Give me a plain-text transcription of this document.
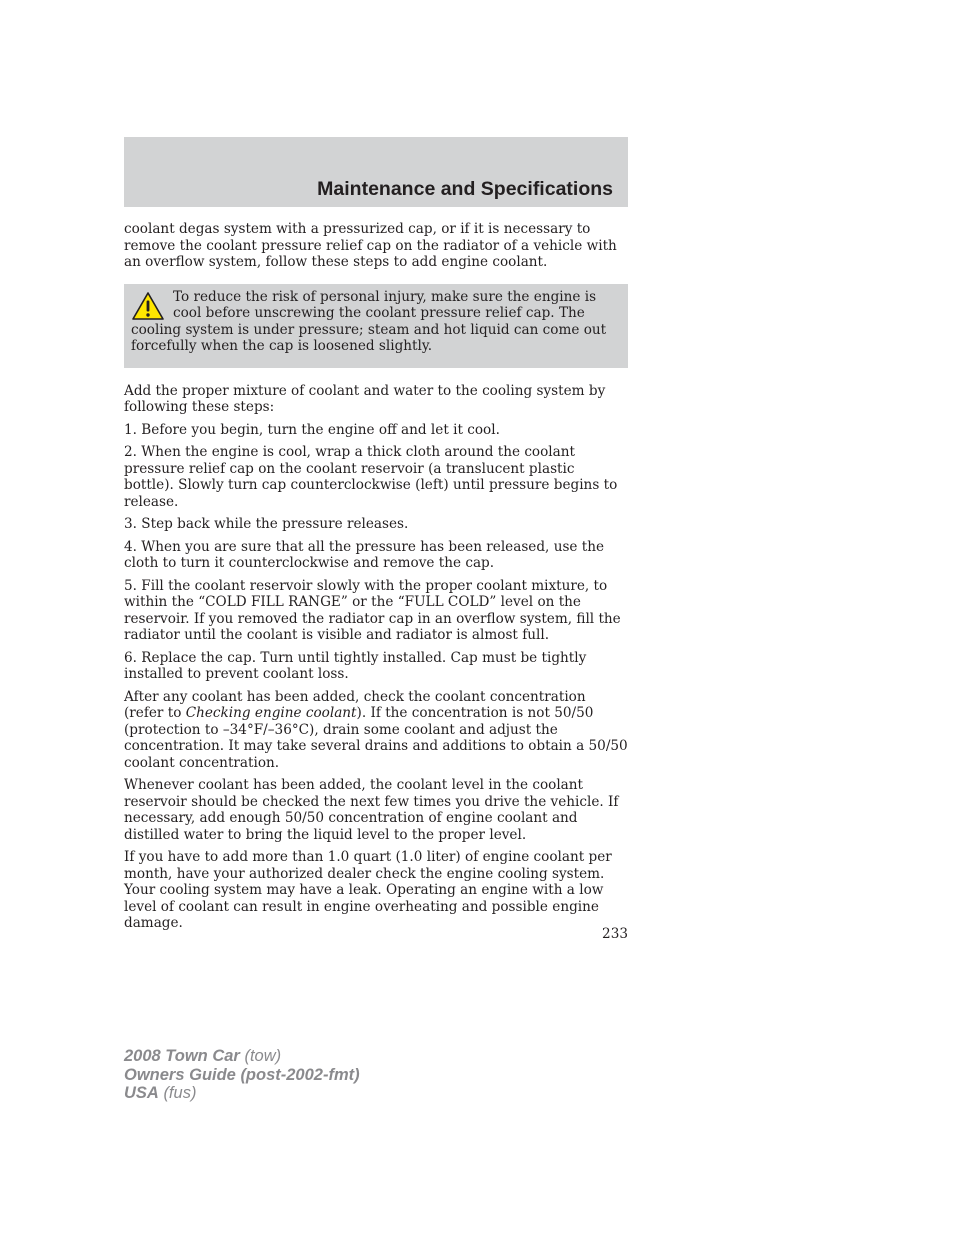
Maintenance and Specifications

coolant degas system with a pressurized cap, or if it is necessary to remove the coolant pressure relief cap on the radiator of a vehicle with an overflow system, follow these steps to add engine coolant.

To reduce the risk of personal injury, make sure the engine is cool before unscrewing the coolant pressure relief cap. The cooling system is under pressure; steam and hot liquid can come out forcefully when the cap is loosened slightly.

Add the proper mixture of coolant and water to the cooling system by following these steps:

1. Before you begin, turn the engine off and let it cool.

2. When the engine is cool, wrap a thick cloth around the coolant pressure relief cap on the coolant reservoir (a translucent plastic bottle). Slowly turn cap counterclockwise (left) until pressure begins to release.

3. Step back while the pressure releases.

4. When you are sure that all the pressure has been released, use the cloth to turn it counterclockwise and remove the cap.

5. Fill the coolant reservoir slowly with the proper coolant mixture, to within the “COLD FILL RANGE” or the “FULL COLD” level on the reservoir. If you removed the radiator cap in an overflow system, fill the radiator until the coolant is visible and radiator is almost full.

6. Replace the cap. Turn until tightly installed. Cap must be tightly installed to prevent coolant loss.

After any coolant has been added, check the coolant concentration (refer to Checking engine coolant). If the concentration is not 50/50 (protection to –34°F/–36°C), drain some coolant and adjust the concentration. It may take several drains and additions to obtain a 50/50 coolant concentration.

Whenever coolant has been added, the coolant level in the coolant reservoir should be checked the next few times you drive the vehicle. If necessary, add enough 50/50 concentration of engine coolant and distilled water to bring the liquid level to the proper level.

If you have to add more than 1.0 quart (1.0 liter) of engine coolant per month, have your authorized dealer check the engine cooling system. Your cooling system may have a leak. Operating an engine with a low level of coolant can result in engine overheating and possible engine damage.

233
2008 Town Car (tow)
Owners Guide (post-2002-fmt)
USA (fus)
